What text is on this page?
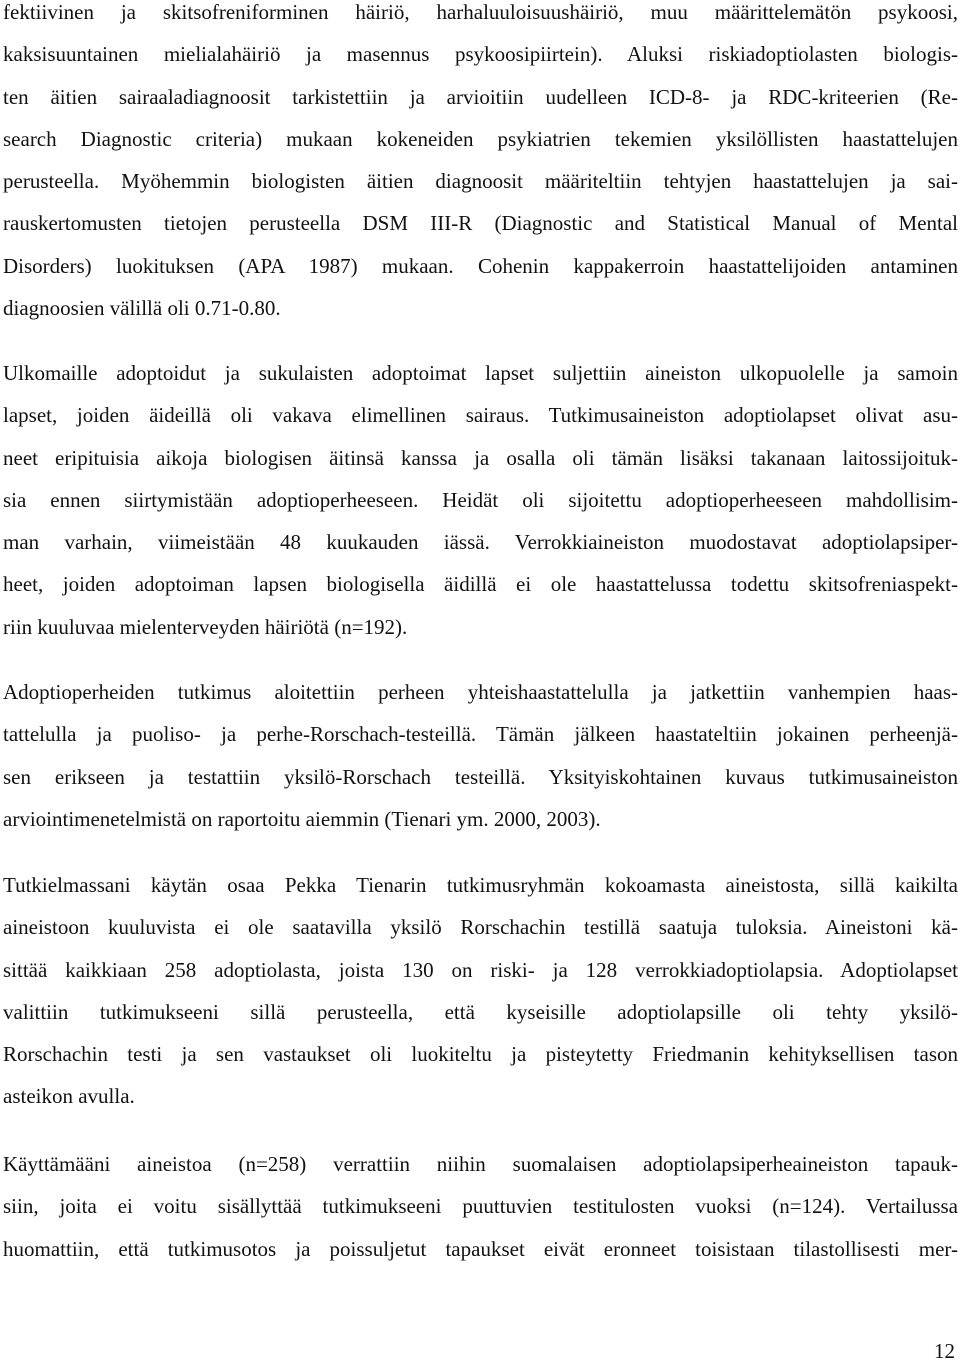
fektiivinen ja skitsofreniforminen häiriö, harhaluuloisuushäiriö, muu määrittelemätön psykoosi,
kaksisuuntainen mielialahäiriö ja masennus psykoosipiirtein). Aluksi riskiadoptiolasten biologis-
ten äitien sairaaladiagnoosit tarkistettiin ja arvioitiin uudelleen ICD-8- ja RDC-kriteerien (Re-
search Diagnostic criteria) mukaan kokeneiden psykiatrien tekemien yksilöllisten haastattelujen
perusteella. Myöhemmin biologisten äitien diagnoosit määriteltiin tehtyjen haastattelujen ja sai-
rauskertomusten tietojen perusteella DSM III-R (Diagnostic and Statistical Manual of Mental
Disorders) luokituksen (APA 1987) mukaan. Cohenin kappakerroin haastattelijoiden antaminen
diagnoosien välillä oli 0.71-0.80.
Ulkomaille adoptoidut ja sukulaisten adoptoimat lapset suljettiin aineiston ulkopuolelle ja samoin
lapset, joiden äideillä oli vakava elimellinen sairaus. Tutkimusaineiston adoptiolapset olivat asu-
neet eripituisia aikoja biologisen äitinsä kanssa ja osalla oli tämän lisäksi takanaan laitossijoituk-
sia ennen siirtymistään adoptioperheeseen. Heidät oli sijoitettu adoptioperheeseen mahdollisim-
man varhain, viimeistään 48 kuukauden iässä. Verrokkiaineiston muodostavat adoptiolapsiper-
heet, joiden adoptoiman lapsen biologisella äidillä ei ole haastattelussa todettu skitsofreniaspekt-
riin kuuluvaa mielenterveyden häiriötä (n=192).
Adoptioperheiden tutkimus aloitettiin perheen yhteishaastattelulla ja jatkettiin vanhempien haas-
tattelulla ja puoliso- ja perhe-Rorschach-testeillä. Tämän jälkeen haastateltiin jokainen perheenjä-
sen erikseen ja testattiin yksilö-Rorschach testeillä. Yksityiskohtainen kuvaus tutkimusaineiston
arviointimenetelmistä on raportoitu aiemmin (Tienari ym. 2000, 2003).
Tutkielmassani käytän osaa Pekka Tienarin tutkimusryhmän kokoamasta aineistosta, sillä kaikilta
aineistoon kuuluvista ei ole saatavilla yksilö Rorschachin testillä saatuja tuloksia. Aineistoni kä-
sittää kaikkiaan 258 adoptiolasta, joista 130 on riski- ja 128 verrokkiadoptiolapsia. Adoptiolapset
valittiin tutkimukseeni sillä perusteella, että kyseisille adoptiolapsille oli tehty yksilö-
Rorschachin testi ja sen vastaukset oli luokiteltu ja pisteytetty Friedmanin kehityksellisen tason
asteikon avulla.
Käyttämääni aineistoa (n=258) verrattiin niihin suomalaisen adoptiolapsiperheaineiston tapauk-
siin, joita ei voitu sisällyttää tutkimukseeni puuttuvien testitulosten vuoksi (n=124). Vertailussa
huomattiin, että tutkimusotos ja poissuljetut tapaukset eivät eronneet toisistaan tilastollisesti mer-
12
